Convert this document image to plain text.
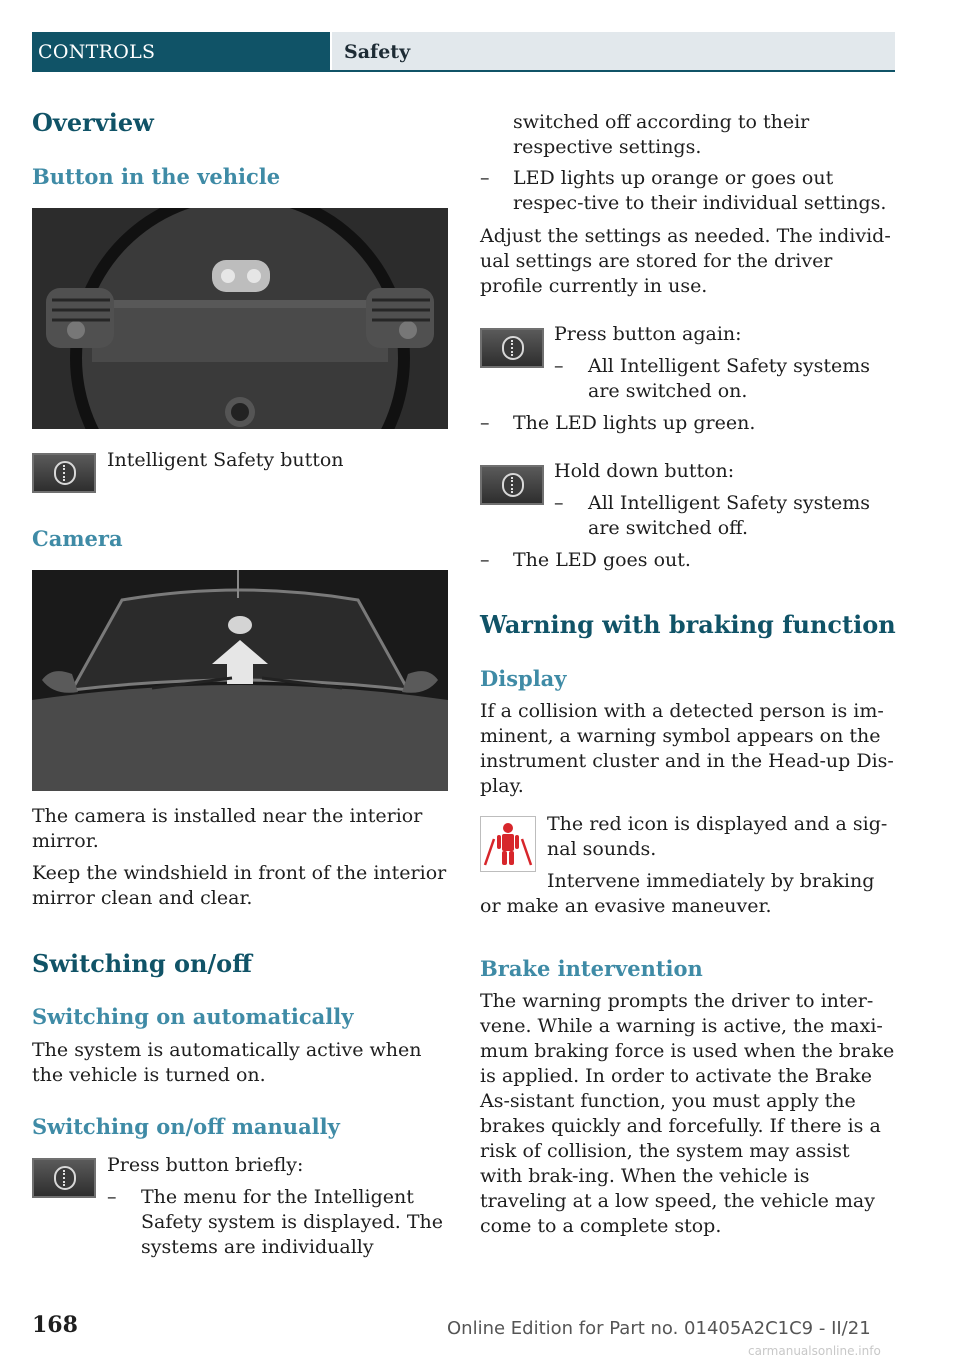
CONTROLS	Safety
Overview
Button in the vehicle
Intelligent Safety button
Camera
The camera is installed near the interior mirror.
Keep the windshield in front of the interior mirror clean and clear.
Switching on/off
Switching on automatically
The system is automatically active when the vehicle is turned on.
Switching on/off manually
Press button briefly:
– The menu for the Intelligent Safety system is displayed. The systems are individually
switched off according to their respective settings.
– LED lights up orange or goes out respec-tive to their individual settings.
Adjust the settings as needed. The individ-ual settings are stored for the driver profile currently in use.
Press button again:
– All Intelligent Safety systems are switched on.
– The LED lights up green.
Hold down button:
– All Intelligent Safety systems are switched off.
– The LED goes out.
Warning with braking function
Display
If a collision with a detected person is im-minent, a warning symbol appears on the instrument cluster and in the Head-up Dis-play.
The red icon is displayed and a sig-nal sounds.
Intervene immediately by braking or make an evasive maneuver.
Brake intervention
The warning prompts the driver to inter-vene. While a warning is active, the maxi-mum braking force is used when the brake is applied. In order to activate the Brake As-sistant function, you must apply the brakes quickly and forcefully. If there is a risk of collision, the system may assist with brak-ing. When the vehicle is traveling at a low speed, the vehicle may come to a complete stop.
168	Online Edition for Part no. 01405A2C1C9 - II/21
carmanualsonline.info
